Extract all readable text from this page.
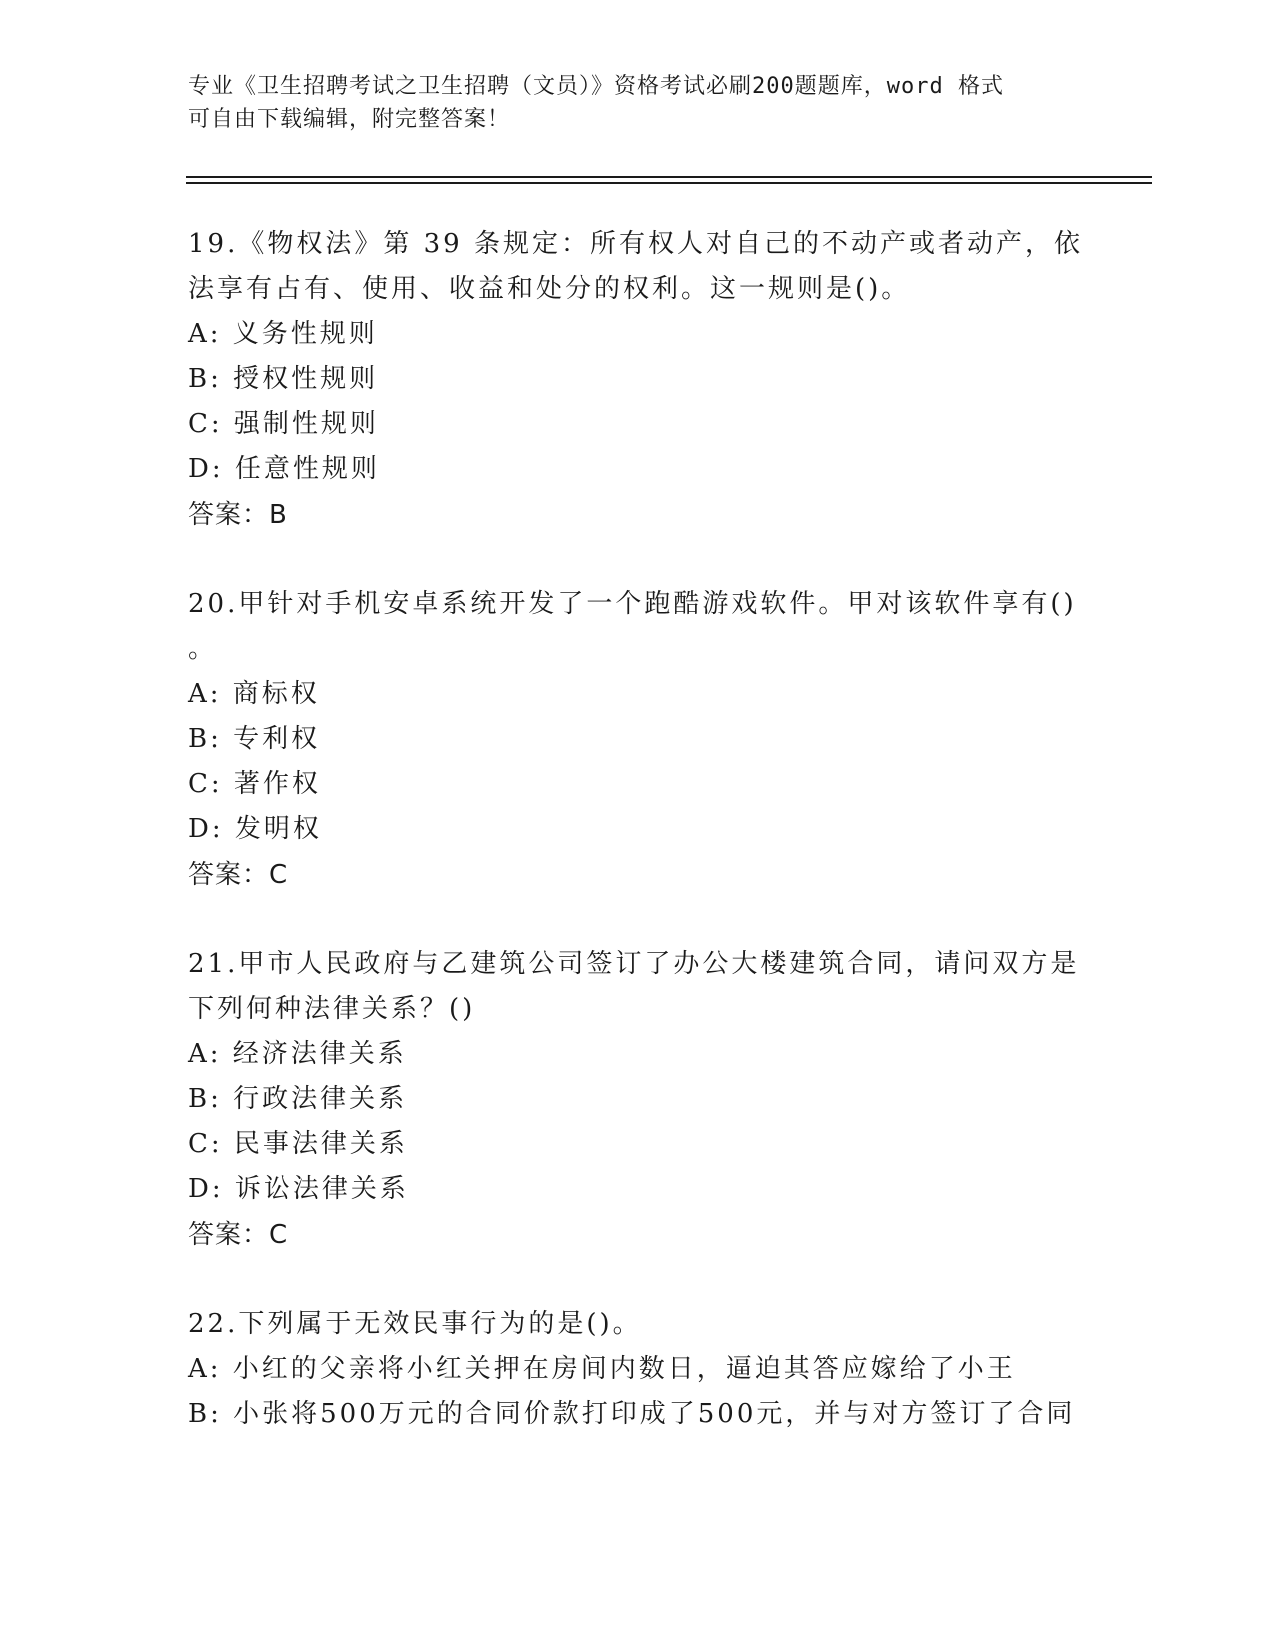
专业《卫生招聘考试之卫生招聘（文员）》资格考试必刷200题题库，word 格式
可自由下载编辑，附完整答案！

19.《物权法》第 39 条规定：所有权人对自己的不动产或者动产，依

法享有占有、使用、收益和处分的权利。这一规则是()。

A: 义务性规则

B: 授权性规则

C: 强制性规则

D: 任意性规则

答案：B

20.甲针对手机安卓系统开发了一个跑酷游戏软件。甲对该软件享有()

。

A: 商标权

B: 专利权

C: 著作权

D: 发明权

答案：C

21.甲市人民政府与乙建筑公司签订了办公大楼建筑合同，请问双方是

下列何种法律关系？()

A: 经济法律关系

B: 行政法律关系

C: 民事法律关系

D: 诉讼法律关系

答案：C

22.下列属于无效民事行为的是()。

A: 小红的父亲将小红关押在房间内数日，逼迫其答应嫁给了小王

B: 小张将500万元的合同价款打印成了500元，并与对方签订了合同
